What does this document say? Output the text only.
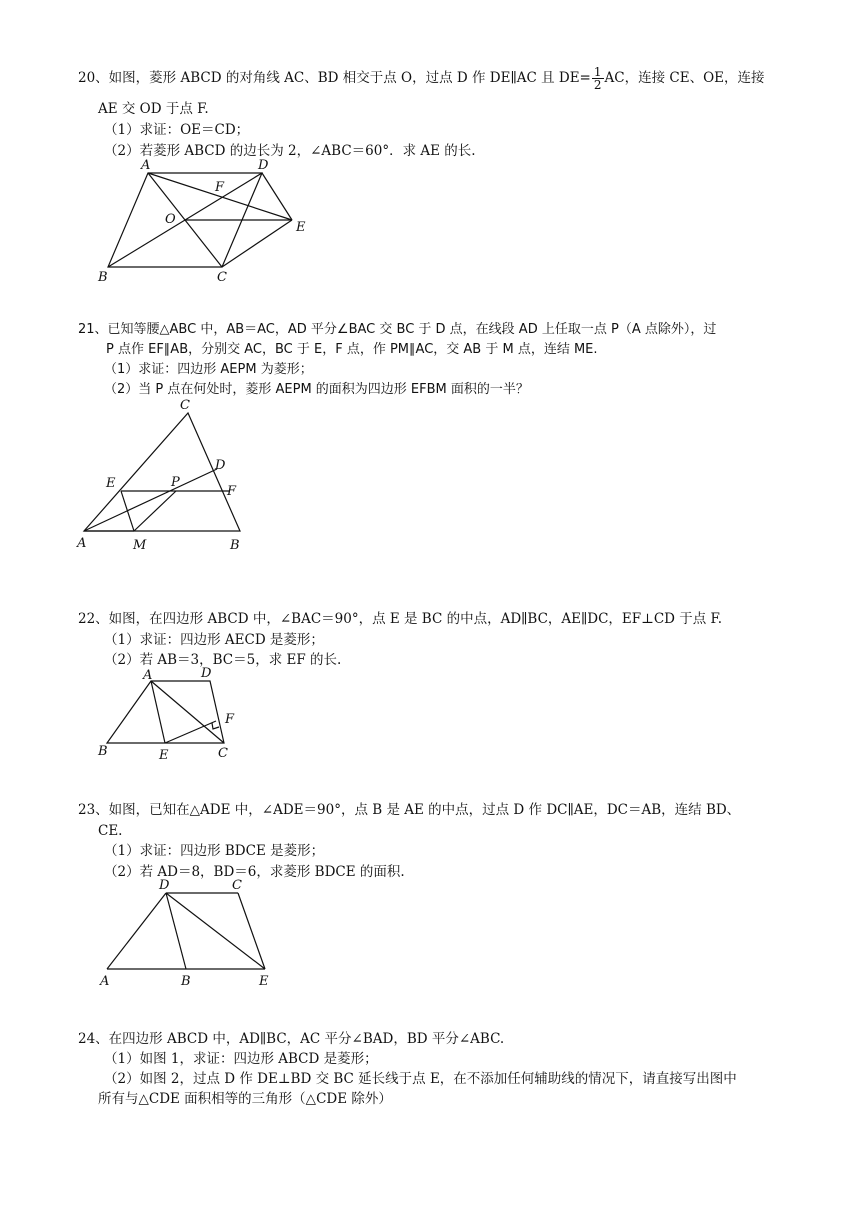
20、如图，菱形 ABCD 的对角线 AC、BD 相交于点 O，过点 D 作 DE∥AC 且 $DE= \frac{1}{2}$ AC，连接 CE、OE，连接
AE 交 OD 于点 F.
（1）求证：OE＝CD；
（2）若菱形 ABCD 的边长为 2，∠ABC＝60°．求 AE 的长.
A	D
F
O
E
B	C
21、已知等腰△ABC 中，AB＝AC，AD 平分∠BAC 交 BC 于 D 点，在线段 AD 上任取一点 P（A 点除外），过
P 点作 EF∥AB，分别交 AC，BC 于 E，F 点，作 PM∥AC，交 AB 于 M 点，连结 ME.
（1）求证：四边形 AEPM 为菱形；
（2）当 P 点在何处时，菱形 AEPM 的面积为四边形 EFBM 面积的一半？
C
D
E	P
F
A	M	B
22、如图，在四边形 ABCD 中，∠BAC＝90°，点 E 是 BC 的中点，AD∥BC，AE∥DC，EF⊥CD 于点 F.
（1）求证：四边形 AECD 是菱形；
（2）若 AB＝3，BC＝5，求 EF 的长.
A	D
F
B	E	C
23、如图，已知在△ADE 中，∠ADE＝90°，点 B 是 AE 的中点，过点 D 作 DC∥AE，DC＝AB，连结 BD、
CE.
（1）求证：四边形 BDCE 是菱形；
（2）若 AD＝8，BD＝6，求菱形 BDCE 的面积.
D	C
A	B	E
24、在四边形 ABCD 中，AD∥BC，AC 平分∠BAD，BD 平分∠ABC.
（1）如图 1，求证：四边形 ABCD 是菱形；
（2）如图 2，过点 D 作 DE⊥BD 交 BC 延长线于点 E，在不添加任何辅助线的情况下，请直接写出图中
所有与△CDE 面积相等的三角形（△CDE 除外）
